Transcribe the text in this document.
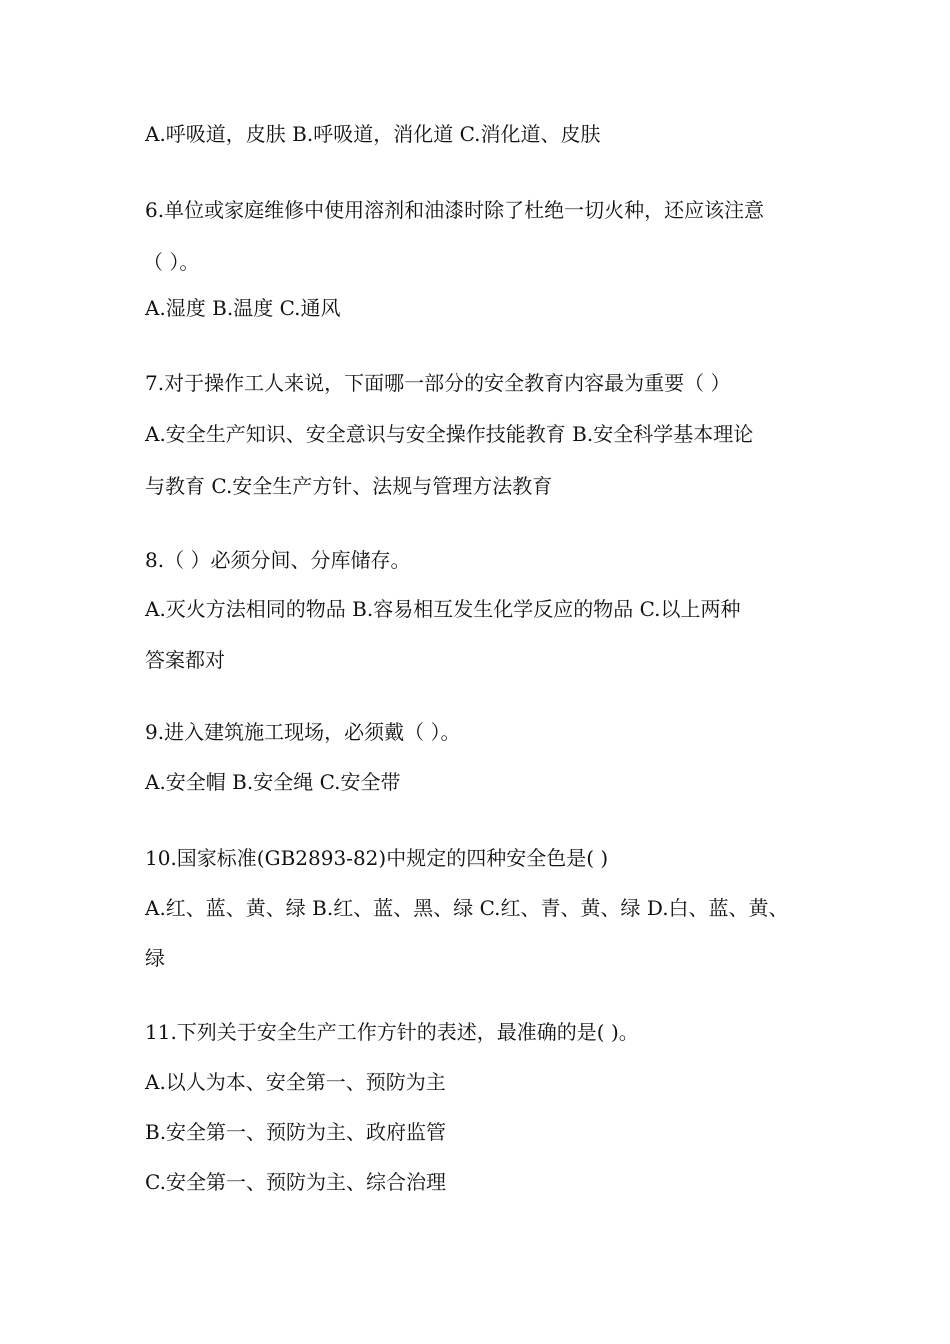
A.呼吸道，皮肤 B.呼吸道，消化道 C.消化道、皮肤
6.单位或家庭维修中使用溶剂和油漆时除了杜绝一切火种，还应该注意
（ ）。
A.湿度 B.温度 C.通风
7.对于操作工人来说，下面哪一部分的安全教育内容最为重要（ ）
A.安全生产知识、安全意识与安全操作技能教育 B.安全科学基本理论
与教育 C.安全生产方针、法规与管理方法教育
8.（ ）必须分间、分库储存。
A.灭火方法相同的物品 B.容易相互发生化学反应的物品 C.以上两种
答案都对
9.进入建筑施工现场，必须戴（ ）。
A.安全帽 B.安全绳 C.安全带
10.国家标准(GB2893-82)中规定的四种安全色是( )
A.红、蓝、黄、绿 B.红、蓝、黑、绿 C.红、青、黄、绿 D.白、蓝、黄、
绿
11.下列关于安全生产工作方针的表述，最准确的是( )。
A.以人为本、安全第一、预防为主
B.安全第一、预防为主、政府监管
C.安全第一、预防为主、综合治理
